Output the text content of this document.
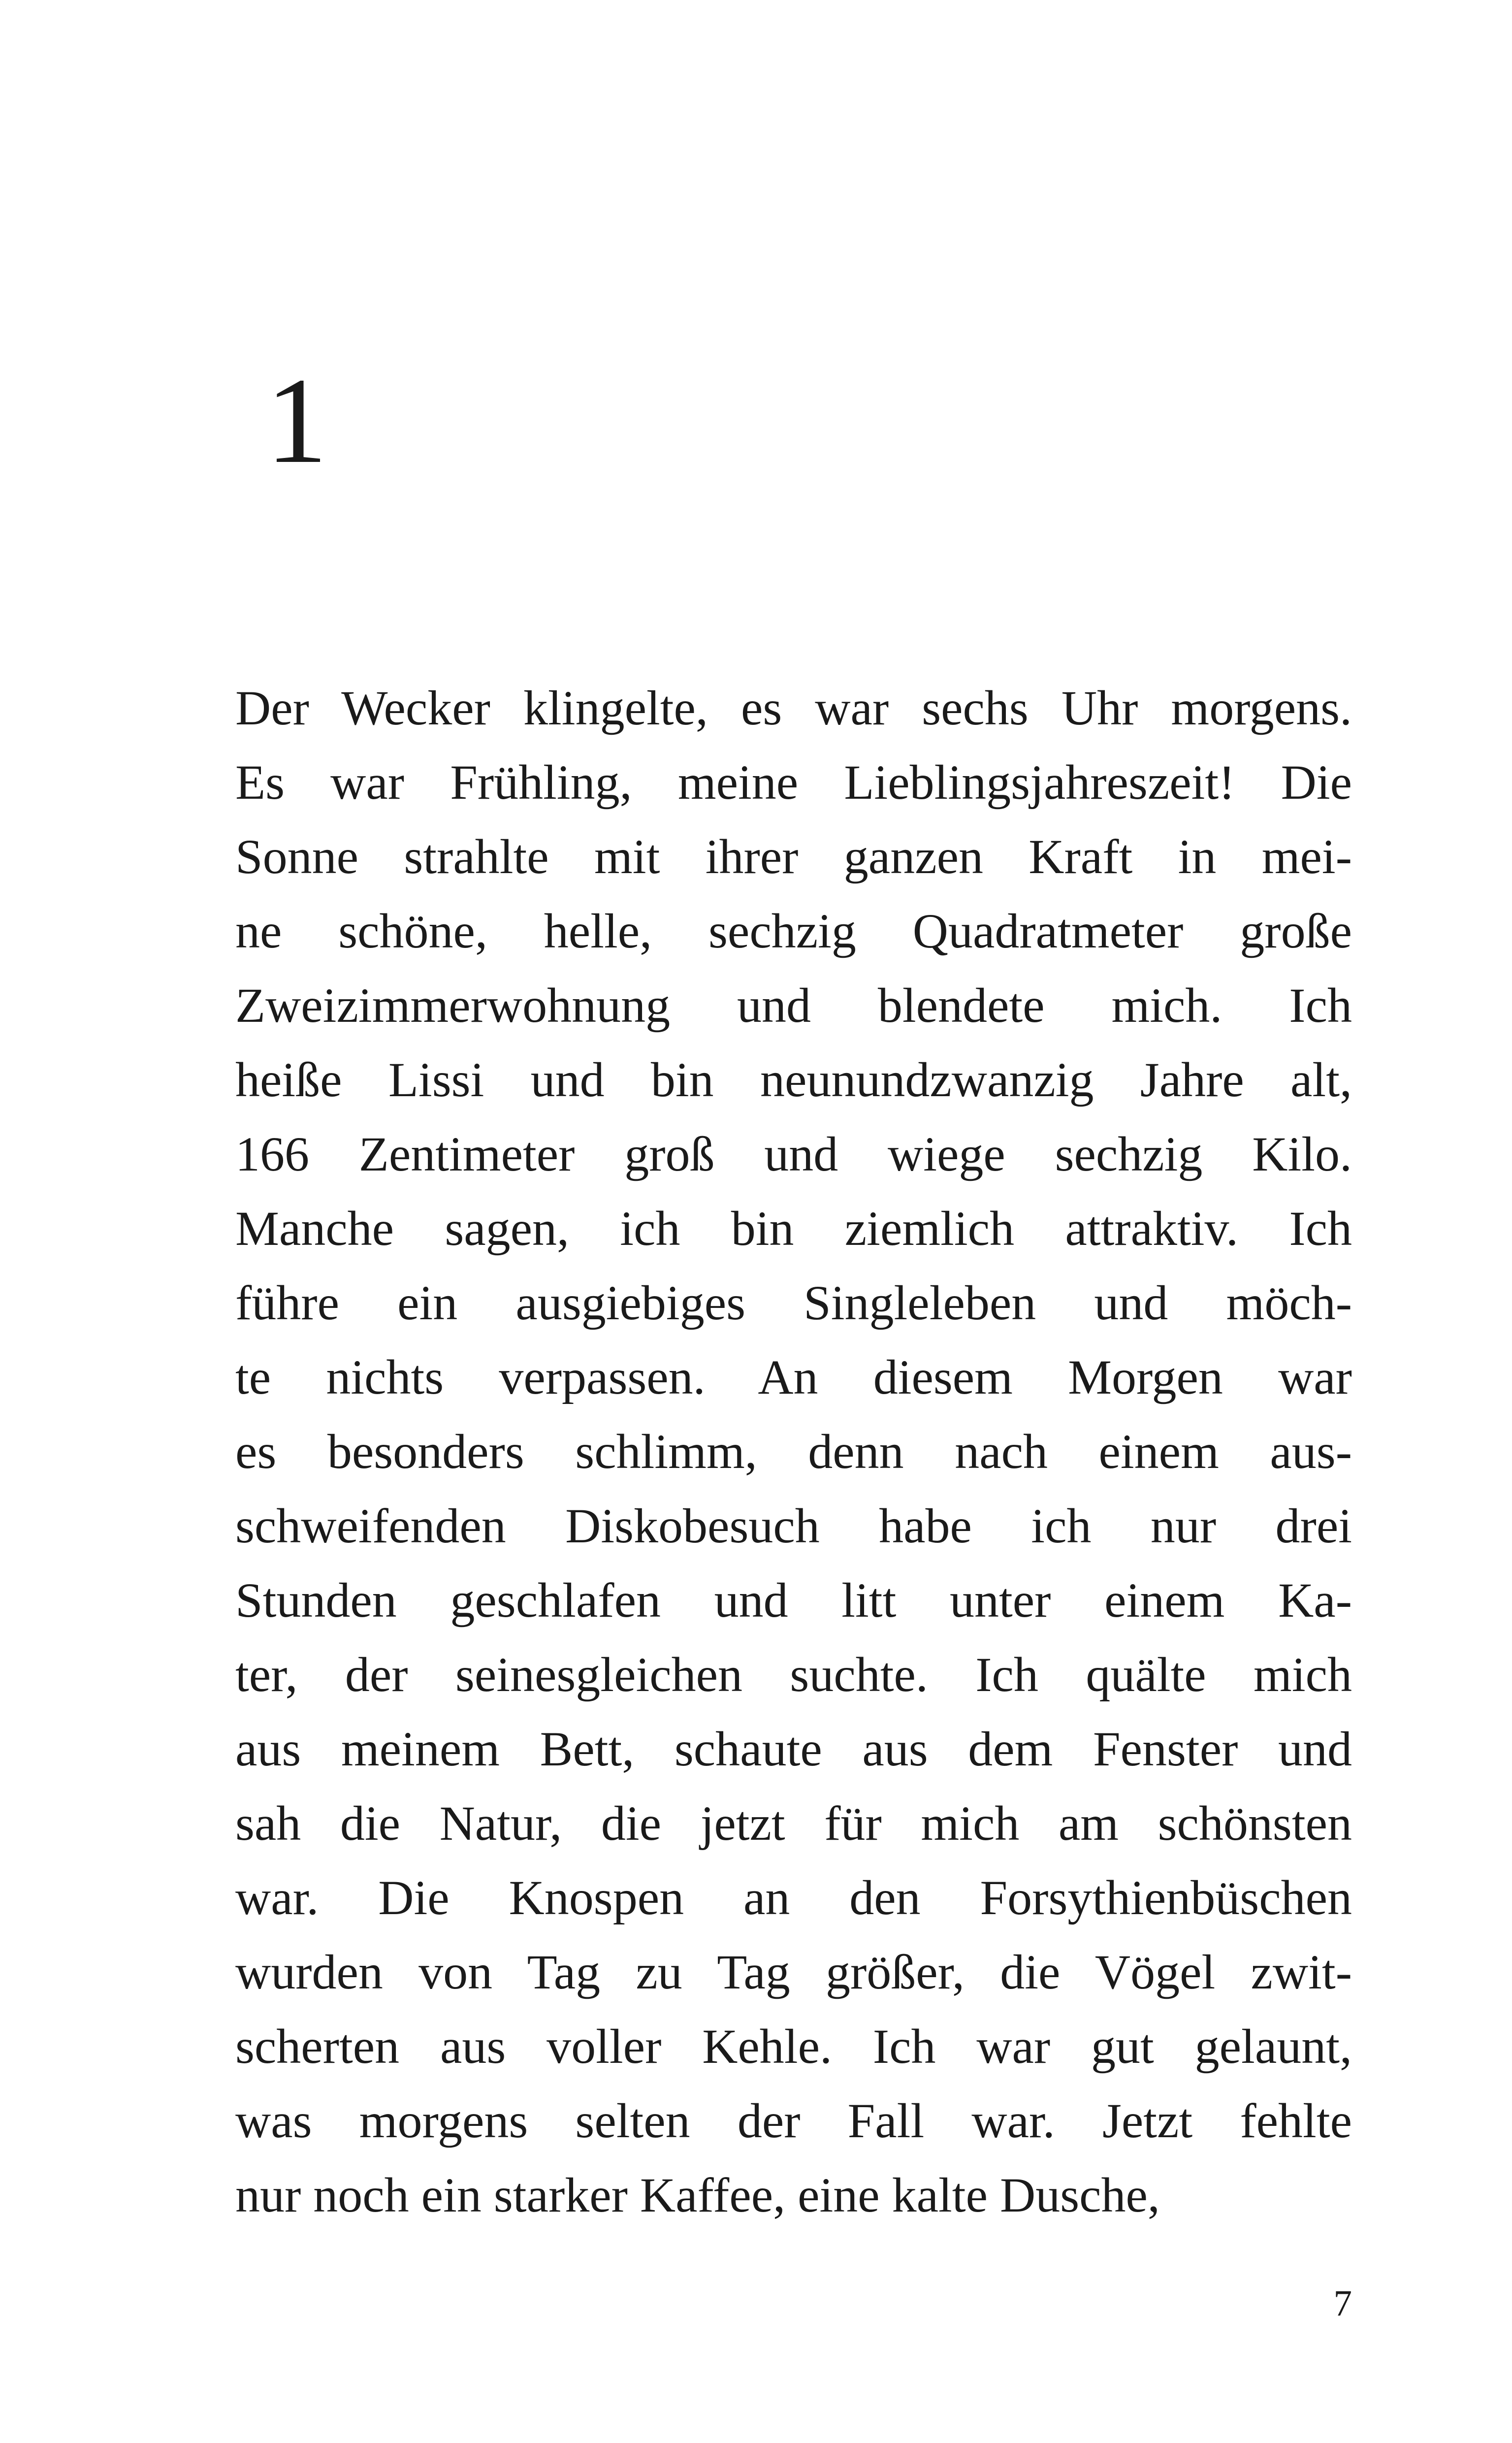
1
Der Wecker klingelte, es war sechs Uhr morgens.
Es war Frühling, meine Lieblingsjahreszeit! Die
Sonne strahlte mit ihrer ganzen Kraft in mei-
ne schöne, helle, sechzig Quadratmeter große
Zweizimmerwohnung und blendete mich. Ich
heiße Lissi und bin neunundzwanzig Jahre alt,
166 Zentimeter groß und wiege sechzig Kilo.
Manche sagen, ich bin ziemlich attraktiv. Ich
führe ein ausgiebiges Singleleben und möch-
te nichts verpassen. An diesem Morgen war
es besonders schlimm, denn nach einem aus-
schweifenden Diskobesuch habe ich nur drei
Stunden geschlafen und litt unter einem Ka-
ter, der seinesgleichen suchte. Ich quälte mich
aus meinem Bett, schaute aus dem Fenster und
sah die Natur, die jetzt für mich am schönsten
war. Die Knospen an den Forsythienbüschen
wurden von Tag zu Tag größer, die Vögel zwit-
scherten aus voller Kehle. Ich war gut gelaunt,
was morgens selten der Fall war. Jetzt fehlte
nur noch ein starker Kaffee, eine kalte Dusche,
7
